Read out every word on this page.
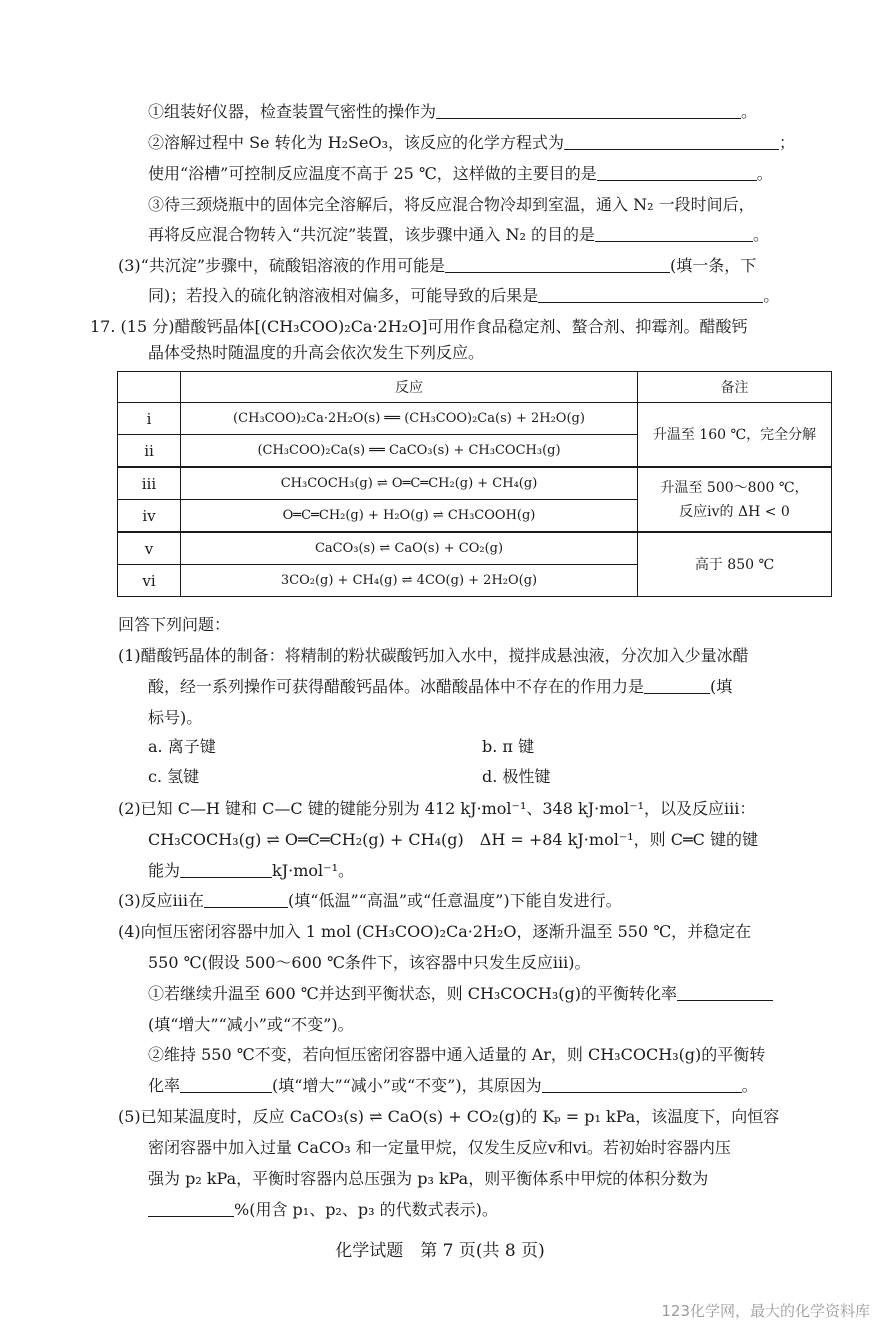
①组装好仪器，检查装置气密性的操作为	。
②溶解过程中 Se 转化为 H₂SeO₃，该反应的化学方程式为	；
使用“浴槽”可控制反应温度不高于 25 ℃，这样做的主要目的是	。
③待三颈烧瓶中的固体完全溶解后，将反应混合物冷却到室温，通入 N₂ 一段时间后，
再将反应混合物转入“共沉淀”装置，该步骤中通入 N₂ 的目的是	。
(3)“共沉淀”步骤中，硫酸铝溶液的作用可能是	(填一条，下
同)；若投入的硫化钠溶液相对偏多，可能导致的后果是	。
17. (15 分)醋酸钙晶体[(CH₃COO)₂Ca·2H₂O]可用作食品稳定剂、螯合剂、抑霉剂。醋酸钙
晶体受热时随温度的升高会依次发生下列反应。
	反应	备注
ⅰ	(CH₃COO)₂Ca·2H₂O(s) ══ (CH₃COO)₂Ca(s) + 2H₂O(g)	升温至 160 ℃，完全分解
ⅱ	(CH₃COO)₂Ca(s) ══ CaCO₃(s) + CH₃COCH₃(g)	
ⅲ	CH₃COCH₃(g) ⇌ O═C═CH₂(g) + CH₄(g)	升温至 500～800 ℃，
反应ⅳ的 ΔH < 0

ⅳ	O═C═CH₂(g) + H₂O(g) ⇌ CH₃COOH(g)	
ⅴ	CaCO₃(s) ⇌ CaO(s) + CO₂(g)	高于 850 ℃
ⅵ	3CO₂(g) + CH₄(g) ⇌ 4CO(g) + 2H₂O(g)	
回答下列问题：
(1)醋酸钙晶体的制备：将精制的粉状碳酸钙加入水中，搅拌成悬浊液，分次加入少量冰醋
酸，经一系列操作可获得醋酸钙晶体。冰醋酸晶体中不存在的作用力是	(填
标号)。
a. 离子键	b. π 键
c. 氢键	d. 极性键
(2)已知 C—H 键和 C—C 键的键能分别为 412 kJ·mol⁻¹、348 kJ·mol⁻¹，以及反应ⅲ：
CH₃COCH₃(g) ⇌ O═C═CH₂(g) + CH₄(g)　ΔH = +84 kJ·mol⁻¹，则 C═C 键的键
能为	kJ·mol⁻¹。
(3)反应ⅲ在	(填“低温”“高温”或“任意温度”)下能自发进行。
(4)向恒压密闭容器中加入 1 mol (CH₃COO)₂Ca·2H₂O，逐渐升温至 550 ℃，并稳定在
550 ℃(假设 500～600 ℃条件下，该容器中只发生反应ⅲ)。
①若继续升温至 600 ℃并达到平衡状态，则 CH₃COCH₃(g)的平衡转化率
(填“增大”“减小”或“不变”)。
②维持 550 ℃不变，若向恒压密闭容器中通入适量的 Ar，则 CH₃COCH₃(g)的平衡转
化率	(填“增大”“减小”或“不变”)，其原因为	。
(5)已知某温度时，反应 CaCO₃(s) ⇌ CaO(s) + CO₂(g)的 Kₚ = p₁ kPa，该温度下，向恒容
密闭容器中加入过量 CaCO₃ 和一定量甲烷，仅发生反应ⅴ和ⅵ。若初始时容器内压
强为 p₂ kPa，平衡时容器内总压强为 p₃ kPa，则平衡体系中甲烷的体积分数为
%(用含 p₁、p₂、p₃ 的代数式表示)。
化学试题　第 7 页(共 8 页)
123化学网，最大的化学资料库
